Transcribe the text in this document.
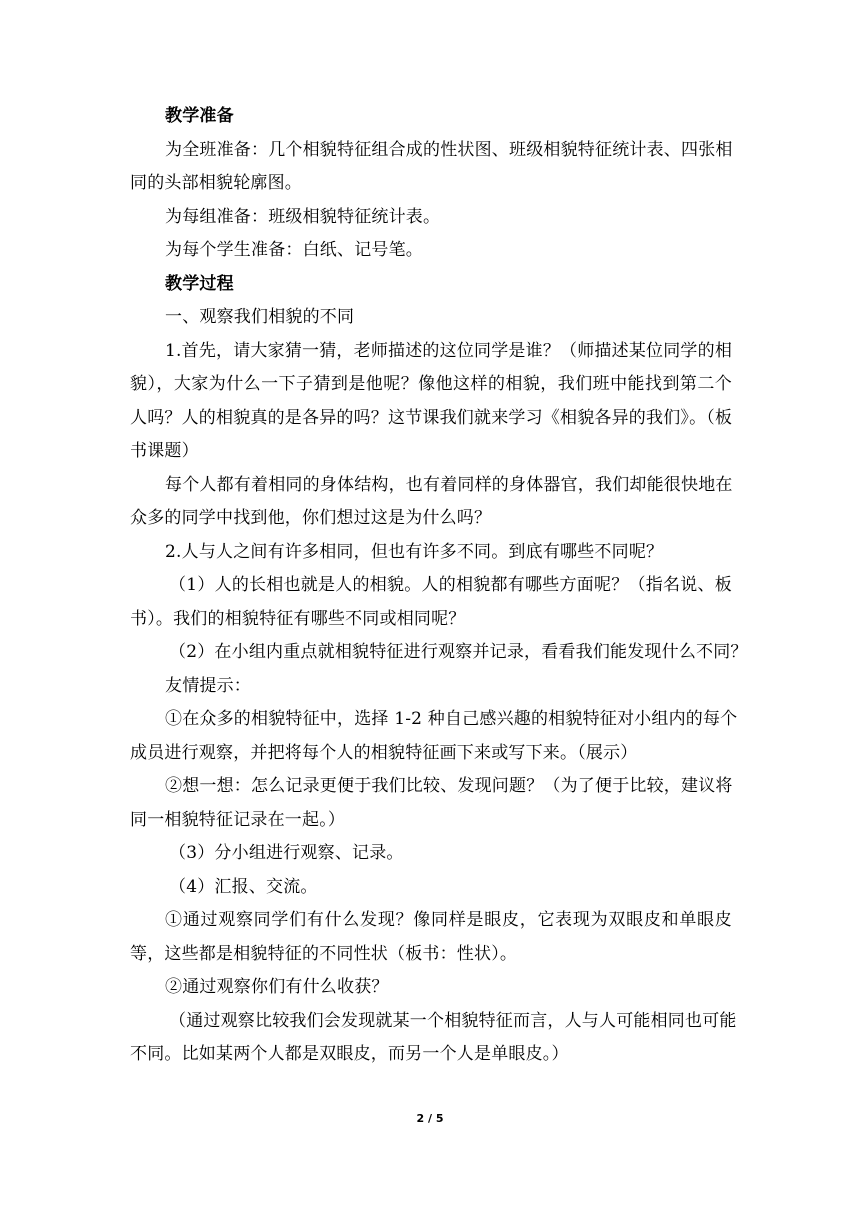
教学准备
为全班准备：几个相貌特征组合成的性状图、班级相貌特征统计表、四张相
同的头部相貌轮廓图。
为每组准备：班级相貌特征统计表。
为每个学生准备：白纸、记号笔。
教学过程
一、观察我们相貌的不同
1.首先，请大家猜一猜，老师描述的这位同学是谁？（师描述某位同学的相
貌），大家为什么一下子猜到是他呢？像他这样的相貌，我们班中能找到第二个
人吗？人的相貌真的是各异的吗？这节课我们就来学习《相貌各异的我们》。（板
书课题）
每个人都有着相同的身体结构，也有着同样的身体器官，我们却能很快地在
众多的同学中找到他，你们想过这是为什么吗？
2.人与人之间有许多相同，但也有许多不同。到底有哪些不同呢？
（1）人的长相也就是人的相貌。人的相貌都有哪些方面呢？（指名说、板
书）。我们的相貌特征有哪些不同或相同呢？
（2）在小组内重点就相貌特征进行观察并记录，看看我们能发现什么不同？
友情提示：
①在众多的相貌特征中，选择 1-2 种自己感兴趣的相貌特征对小组内的每个
成员进行观察，并把将每个人的相貌特征画下来或写下来。（展示）
②想一想：怎么记录更便于我们比较、发现问题？（为了便于比较，建议将
同一相貌特征记录在一起。）
（3）分小组进行观察、记录。
（4）汇报、交流。
①通过观察同学们有什么发现？像同样是眼皮，它表现为双眼皮和单眼皮
等，这些都是相貌特征的不同性状（板书：性状）。
②通过观察你们有什么收获？
（通过观察比较我们会发现就某一个相貌特征而言，人与人可能相同也可能
不同。比如某两个人都是双眼皮，而另一个人是单眼皮。）
2 / 5
